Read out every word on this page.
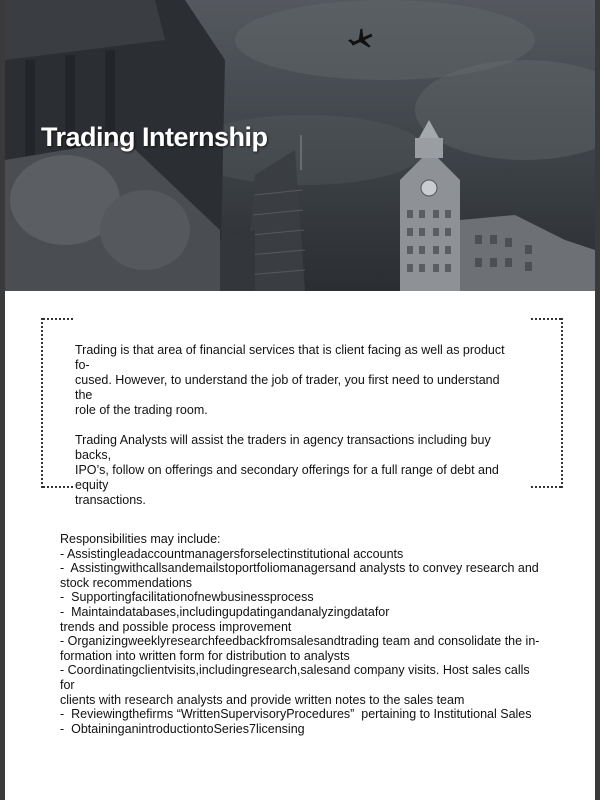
Trading Internship

Trading is that area of financial services that is client facing as well as product fo-
cused. However, to understand the job of trader, you first need to understand the
role of the trading room.

Trading Analysts will assist the traders in agency transactions including buy backs,
IPO’s, follow on offerings and secondary offerings for a full range of debt and equity
transactions.

Responsibilities may include:
- Assistingleadaccountmanagersforselectinstitutional accounts
-  Assistingwithcallsandemailstoportfoliomanagersand analysts to convey research and
stock recommendations
-  Supportingfacilitationofnewbusinessprocess
-  Maintaindatabases,includingupdatingandanalyzingdatafor
trends and possible process improvement
- Organizingweeklyresearchfeedbackfromsalesandtrading team and consolidate the in-
formation into written form for distribution to analysts
- Coordinatingclientvisits,includingresearch,salesand company visits. Host sales calls for
clients with research analysts and provide written notes to the sales team
-  Reviewingthefirms “WrittenSupervisoryProcedures”  pertaining to Institutional Sales
-  ObtaininganintroductiontoSeries7licensing
